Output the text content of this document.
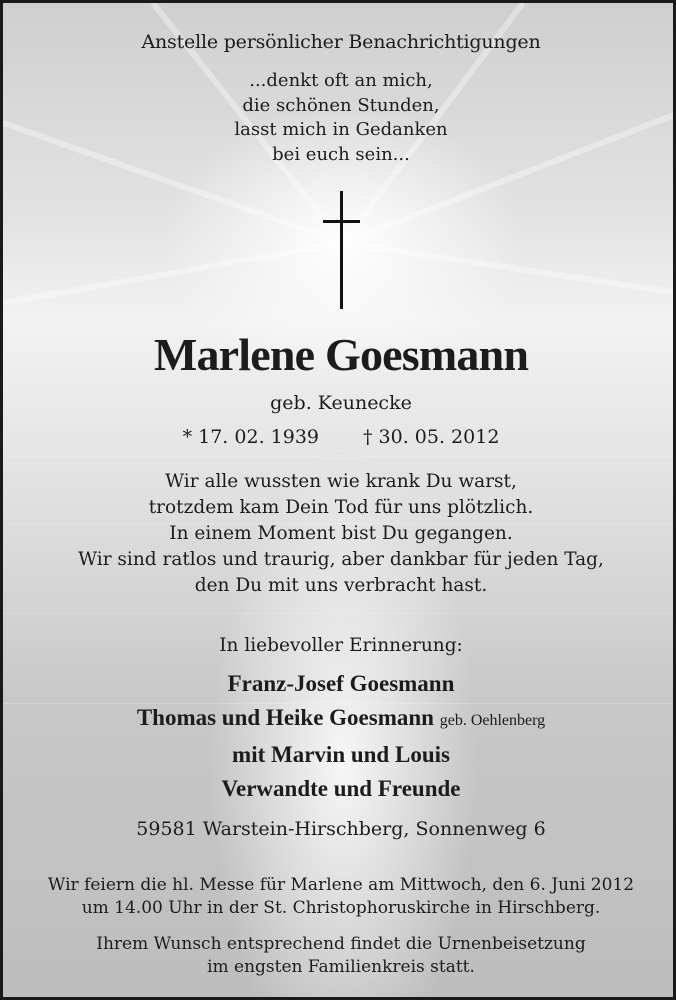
Anstelle persönlicher Benachrichtigungen
...denkt oft an mich,
die schönen Stunden,
lasst mich in Gedanken
bei euch sein...
Marlene Goesmann
geb. Keunecke
* 17. 02. 1939 † 30. 05. 2012
Wir alle wussten wie krank Du warst,
trotzdem kam Dein Tod für uns plötzlich.
In einem Moment bist Du gegangen.
Wir sind ratlos und traurig, aber dankbar für jeden Tag,
den Du mit uns verbracht hast.
In liebevoller Erinnerung:
Franz-Josef Goesmann
Thomas und Heike Goesmann geb. Oehlenberg
mit Marvin und Louis
Verwandte und Freunde
59581 Warstein-Hirschberg, Sonnenweg 6
Wir feiern die hl. Messe für Marlene am Mittwoch, den 6. Juni 2012
um 14.00 Uhr in der St. Christophoruskirche in Hirschberg.
Ihrem Wunsch entsprechend findet die Urnenbeisetzung
im engsten Familienkreis statt.
